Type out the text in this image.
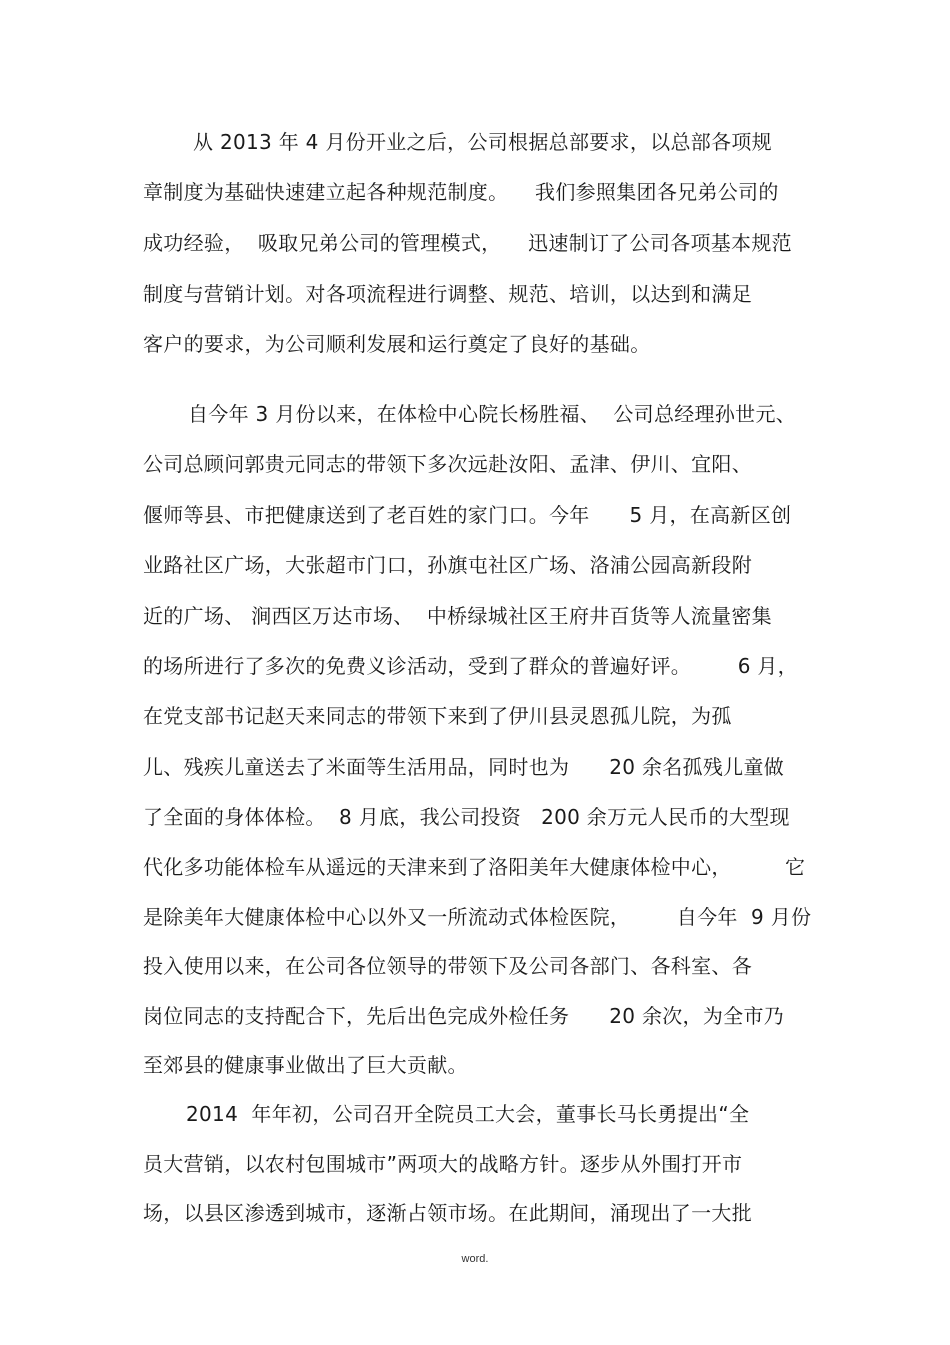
从 2013 年 4 月份开业之后，公司根据总部要求，以总部各项规
章制度为基础快速建立起各种规范制度。    我们参照集团各兄弟公司的
成功经验，  吸取兄弟公司的管理模式，    迅速制订了公司各项基本规范
制度与营销计划。对各项流程进行调整、规范、培训，以达到和满足
客户的要求，为公司顺利发展和运行奠定了良好的基础。
自今年 3 月份以来，在体检中心院长杨胜福、  公司总经理孙世元、
公司总顾问郭贵元同志的带领下多次远赴汝阳、孟津、伊川、宜阳、
偃师等县、市把健康送到了老百姓的家门口。今年      5 月，在高新区创
业路社区广场，大张超市门口，孙旗屯社区广场、洛浦公园高新段附
近的广场、 涧西区万达市场、  中桥绿城社区王府井百货等人流量密集
的场所进行了多次的免费义诊活动，受到了群众的普遍好评。       6 月，
在党支部书记赵天来同志的带领下来到了伊川县灵恩孤儿院，为孤
儿、残疾儿童送去了米面等生活用品，同时也为      20 余名孤残儿童做
了全面的身体体检。  8 月底，我公司投资   200 余万元人民币的大型现
代化多功能体检车从遥远的天津来到了洛阳美年大健康体检中心，        它
是除美年大健康体检中心以外又一所流动式体检医院，       自今年  9 月份
投入使用以来，在公司各位领导的带领下及公司各部门、各科室、各
岗位同志的支持配合下，先后出色完成外检任务      20 余次，为全市乃
至郊县的健康事业做出了巨大贡献。
2014  年年初，公司召开全院员工大会，董事长马长勇提出“全
员大营销，以农村包围城市”两项大的战略方针。逐步从外围打开市
场，以县区渗透到城市，逐渐占领市场。在此期间，涌现出了一大批
word.
